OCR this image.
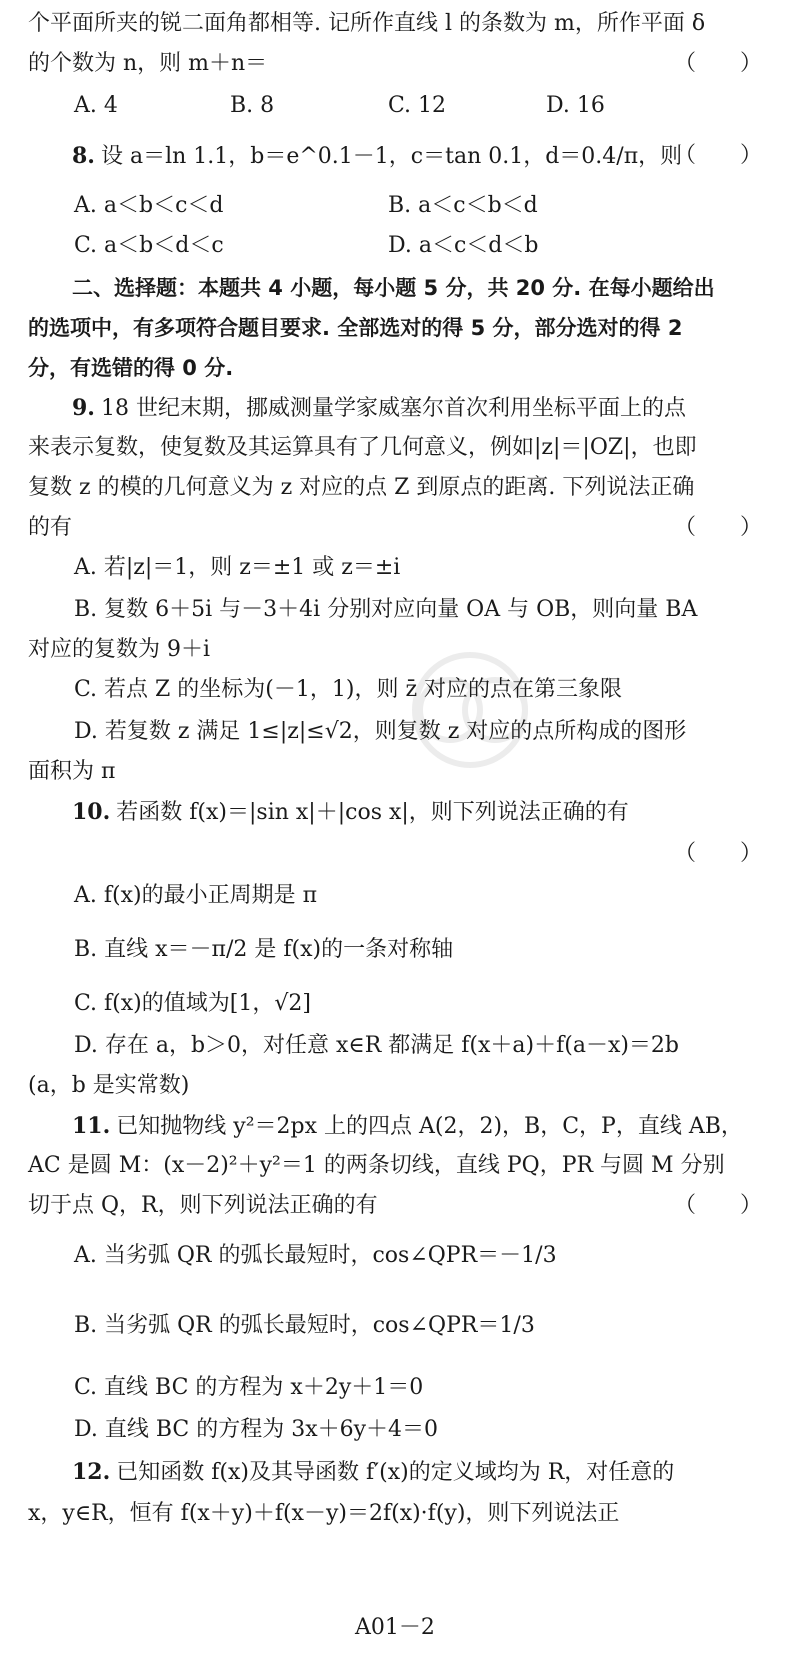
个平面所夹的锐二面角都相等. 记所作直线 l 的条数为 m，所作平面 δ
的个数为 n，则 m＋n＝	（　　）
A. 4	B. 8	C. 12	D. 16
8. 设 a＝ln 1.1，b＝e^0.1－1，c＝tan 0.1，d＝0.4/π，则
（　　）
A. a＜b＜c＜d	B. a＜c＜b＜d
C. a＜b＜d＜c	D. a＜c＜d＜b
二、选择题：本题共 4 小题，每小题 5 分，共 20 分. 在每小题给出
的选项中，有多项符合题目要求. 全部选对的得 5 分，部分选对的得 2
分，有选错的得 0 分.
9. 18 世纪末期，挪威测量学家威塞尔首次利用坐标平面上的点
来表示复数，使复数及其运算具有了几何意义，例如|z|＝|OZ|，也即
复数 z 的模的几何意义为 z 对应的点 Z 到原点的距离. 下列说法正确
的有	（　　）
A. 若|z|＝1，则 z＝±1 或 z＝±i
B. 复数 6＋5i 与－3＋4i 分别对应向量 OA 与 OB，则向量 BA
对应的复数为 9＋i
C. 若点 Z 的坐标为(－1，1)，则 z̄ 对应的点在第三象限
D. 若复数 z 满足 1≤|z|≤√2，则复数 z 对应的点所构成的图形
面积为 π
10. 若函数 f(x)＝|sin x|＋|cos x|，则下列说法正确的有
（　　）
A. f(x)的最小正周期是 π
B. 直线 x＝－π/2 是 f(x)的一条对称轴
C. f(x)的值域为[1，√2]
D. 存在 a，b＞0，对任意 x∈R 都满足 f(x＋a)＋f(a－x)＝2b
(a，b 是实常数)
11. 已知抛物线 y²＝2px 上的四点 A(2，2)，B，C，P，直线 AB，
AC 是圆 M：(x－2)²＋y²＝1 的两条切线，直线 PQ，PR 与圆 M 分别
切于点 Q，R，则下列说法正确的有	（　　）
A. 当劣弧 QR 的弧长最短时，cos∠QPR＝－1/3
B. 当劣弧 QR 的弧长最短时，cos∠QPR＝1/3
C. 直线 BC 的方程为 x＋2y＋1＝0
D. 直线 BC 的方程为 3x＋6y＋4＝0
12. 已知函数 f(x)及其导函数 f′(x)的定义域均为 R，对任意的
x，y∈R，恒有 f(x＋y)＋f(x－y)＝2f(x)·f(y)，则下列说法正
A01－2
